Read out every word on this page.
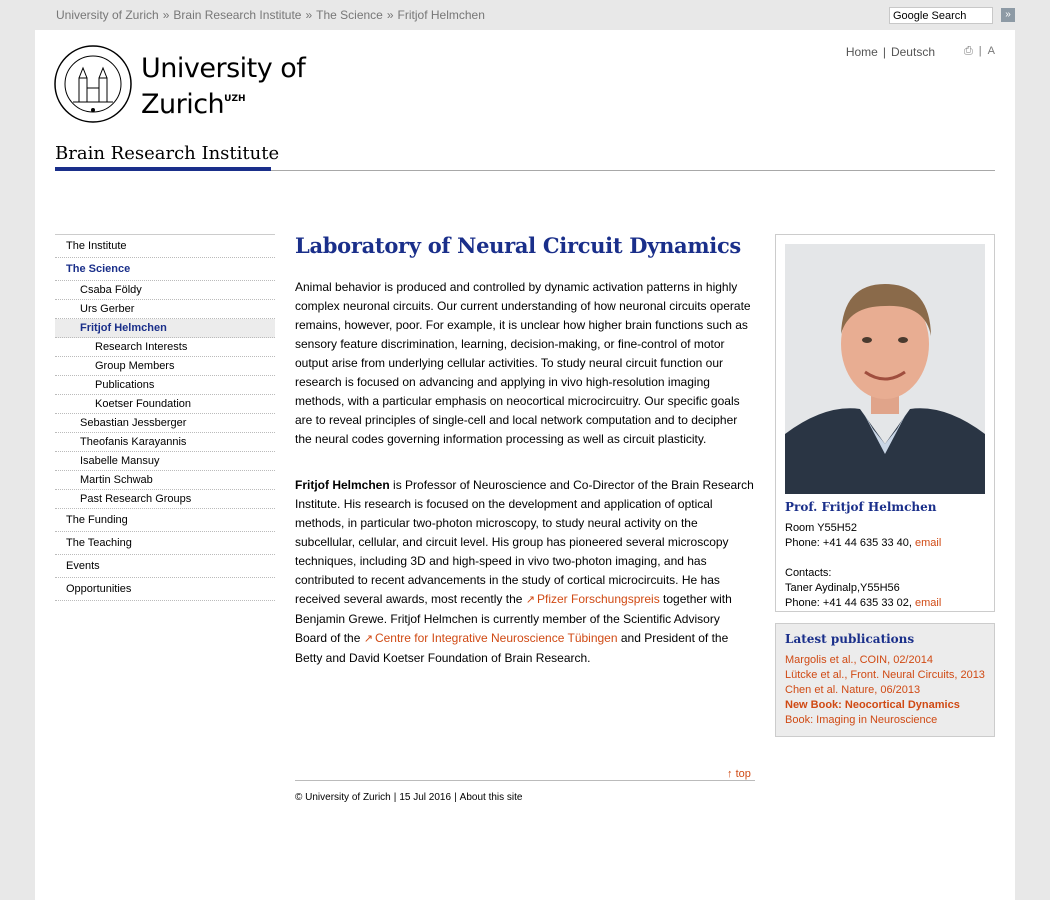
University of Zurich » Brain Research Institute » The Science » Fritjof Helmchen
Google Search	»
University of
Zurich$^{UZH}$
Home | Deutsch	⎙ | A
Brain Research Institute
The Institute
The Science
Csaba Földy
Urs Gerber
Fritjof Helmchen
Research Interests
Group Members
Publications
Koetser Foundation
Sebastian Jessberger
Theofanis Karayannis
Isabelle Mansuy
Martin Schwab
Past Research Groups
The Funding
The Teaching
Events
Opportunities
Laboratory of Neural Circuit Dynamics

Animal behavior is produced and controlled by dynamic activation patterns in highly complex neuronal circuits. Our current understanding of how neuronal circuits operate remains, however, poor. For example, it is unclear how higher brain functions such as sensory feature discrimination, learning, decision-making, or fine-control of motor output arise from underlying cellular activities. To study neural circuit function our research is focused on advancing and applying in vivo high-resolution imaging methods, with a particular emphasis on neocortical microcircuitry. Our specific goals are to reveal principles of single-cell and local network computation and to decipher the neural codes governing information processing as well as circuit plasticity.

Fritjof Helmchen is Professor of Neuroscience and Co-Director of the Brain Research Institute. His research is focused on the development and application of optical methods, in particular two-photon microscopy, to study neural activity on the subcellular, cellular, and circuit level. His group has pioneered several microscopy techniques, including 3D and high-speed in vivo two-photon imaging, and has contributed to recent advancements in the study of cortical microcircuits. He has received several awards, most recently the ↗ Pfizer Forschungspreis together with Benjamin Grewe. Fritjof Helmchen is currently member of the Scientific Advisory Board of the ↗ Centre for Integrative Neuroscience Tübingen and President of the Betty and David Koetser Foundation of Brain Research.

↑ top
© University of Zurich | 15 Jul 2016 | About this site
Prof. Fritjof Helmchen
Room Y55H52
Phone: +41 44 635 33 40, email
Contacts:
Taner Aydinalp,Y55H56
Phone: +41 44 635 33 02, email
Latest publications
Margolis et al., COIN, 02/2014
Lütcke et al., Front. Neural Circuits, 2013
Chen et al. Nature, 06/2013
New Book: Neocortical Dynamics
Book: Imaging in Neuroscience
